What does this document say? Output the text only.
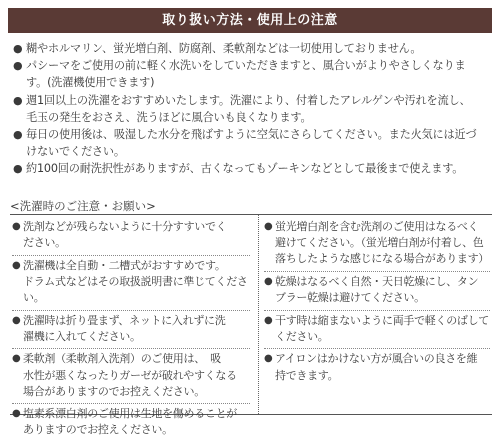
取り扱い方法・使用上の注意
● 糊やホルマリン、蛍光増白剤、防腐剤、柔軟剤などは一切使用しておりません。
● パシーマをご使用の前に軽く水洗いをしていただきますと、風合いがよりやさしくなりま
す。(洗濯機使用できます)
● 週1回以上の洗濯をおすすめいたします。洗濯により、付着したアレルゲンや汚れを流し、
毛玉の発生をおさえ、洗うほどに風合いも良くなります。
● 毎日の使用後は、吸湿した水分を飛ばすように空気にさらしてください。また火気には近づ
けないでください。
● 約100回の耐洗択性がありますが、古くなってもゾーキンなどとして最後まで使えます。
<洗濯時のご注意・お願い>
● 洗剤などが残らないように十分すすいでく
ださい。
● 洗濯機は全自動・二槽式がおすすめです。
ドラム式などはその取扱説明書に準じてくださ
い。
● 洗濯時は折り畳まず、ネットに入れずに洗
濯機に入れてください。
● 柔軟剤（柔軟剤入洗剤）のご使用は、　吸
水性が悪くなったりガーゼが破れやすくなる
場合がありますのでお控えください。
● 塩素系漂白剤のご使用は生地を傷めることが
ありますのでお控えください。
● 蛍光増白剤を含む洗剤のご使用はなるべく
避けてください。（蛍光増白剤が付着し、色
落ちしたような感じになる場合があります）
● 乾燥はなるべく自然・天日乾燥にし、タン
ブラー乾燥は避けてください。
● 干す時は縮まないように両手で軽くのばして
ください。
● アイロンはかけない方が風合いの良さを維
持できます。
